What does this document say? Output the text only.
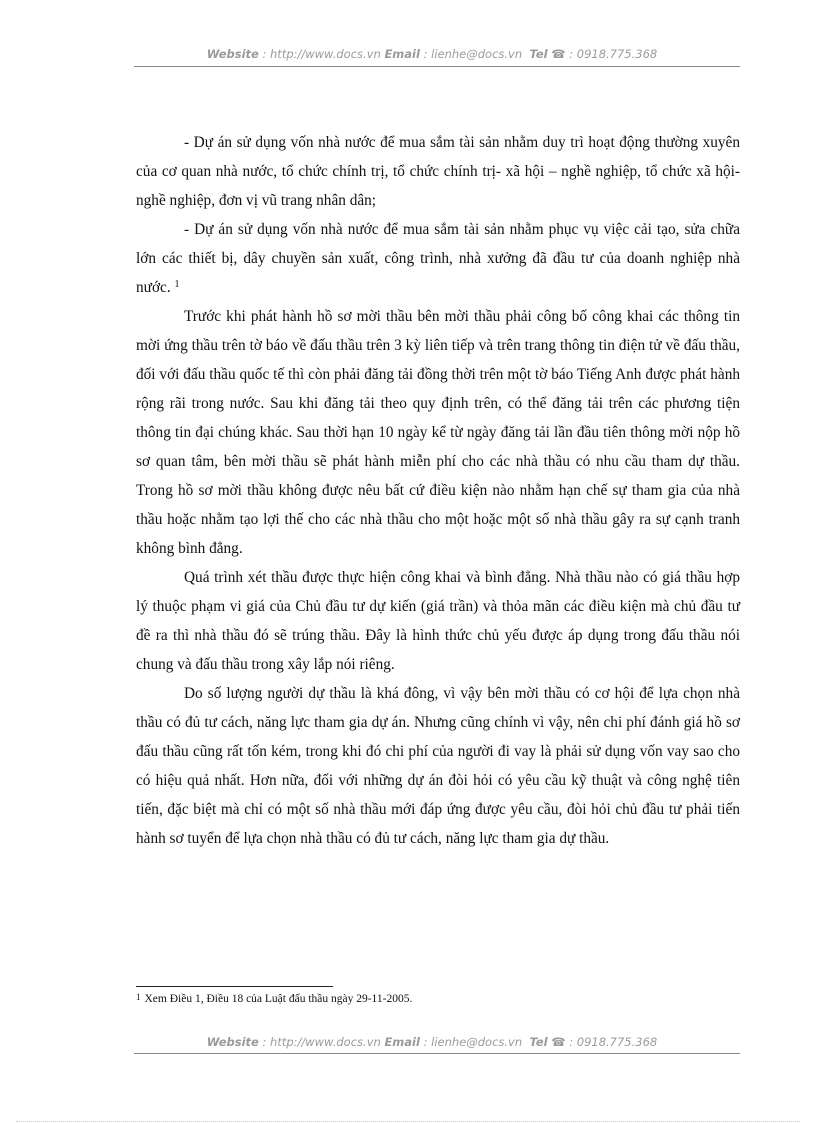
Website : http://www.docs.vn Email : lienhe@docs.vn Tel ☎ : 0918.775.368

- Dự án sử dụng vốn nhà nước để mua sắm tài sản nhằm duy trì hoạt động thường xuyên của cơ quan nhà nước, tổ chức chính trị, tổ chức chính trị- xã hội – nghề nghiệp, tổ chức xã hội- nghề nghiệp, đơn vị vũ trang nhân dân;

- Dự án sử dụng vốn nhà nước để mua sắm tài sản nhằm phục vụ việc cải tạo, sửa chữa lớn các thiết bị, dây chuyền sản xuất, công trình, nhà xưởng đã đầu tư của doanh nghiệp nhà nước. $^1$

Trước khi phát hành hồ sơ mời thầu bên mời thầu phải công bố công khai các thông tin mời ứng thầu trên tờ báo về đấu thầu trên 3 kỳ liên tiếp và trên trang thông tin điện tử về đấu thầu, đối với đấu thầu quốc tế thì còn phải đăng tải đồng thời trên một tờ báo Tiếng Anh được phát hành rộng rãi trong nước. Sau khi đăng tải theo quy định trên, có thể đăng tải trên các phương tiện thông tin đại chúng khác. Sau thời hạn 10 ngày kể từ ngày đăng tải lần đầu tiên thông mời nộp hồ sơ quan tâm, bên mời thầu sẽ phát hành miễn phí cho các nhà thầu có nhu cầu tham dự thầu. Trong hồ sơ mời thầu không được nêu bất cứ điều kiện nào nhằm hạn chế sự tham gia của nhà thầu hoặc nhằm tạo lợi thế cho các nhà thầu cho một hoặc một số nhà thầu gây ra sự cạnh tranh không bình đẳng.

Quá trình xét thầu được thực hiện công khai và bình đẳng. Nhà thầu nào có giá thầu hợp lý thuộc phạm vi giá của Chủ đầu tư dự kiến (giá trần) và thỏa mãn các điều kiện mà chủ đầu tư đề ra thì nhà thầu đó sẽ trúng thầu. Đây là hình thức chủ yếu được áp dụng trong đấu thầu nói chung và đấu thầu trong xây lắp nói riêng.

Do số lượng người dự thầu là khá đông, vì vậy bên mời thầu có cơ hội để lựa chọn nhà thầu có đủ tư cách, năng lực tham gia dự án. Nhưng cũng chính vì vậy, nên chi phí đánh giá hồ sơ đấu thầu cũng rất tốn kém, trong khi đó chi phí của người đi vay là phải sử dụng vốn vay sao cho có hiệu quả nhất. Hơn nữa, đối với những dự án đòi hỏi có yêu cầu kỹ thuật và công nghệ tiên tiến, đặc biệt mà chỉ có một số nhà thầu mới đáp ứng được yêu cầu, đòi hỏi chủ đầu tư phải tiến hành sơ tuyển để lựa chọn nhà thầu có đủ tư cách, năng lực tham gia dự thầu.

1 Xem Điều 1, Điều 18 của Luật đấu thầu ngày 29-11-2005.
Website : http://www.docs.vn Email : lienhe@docs.vn Tel ☎ : 0918.775.368
